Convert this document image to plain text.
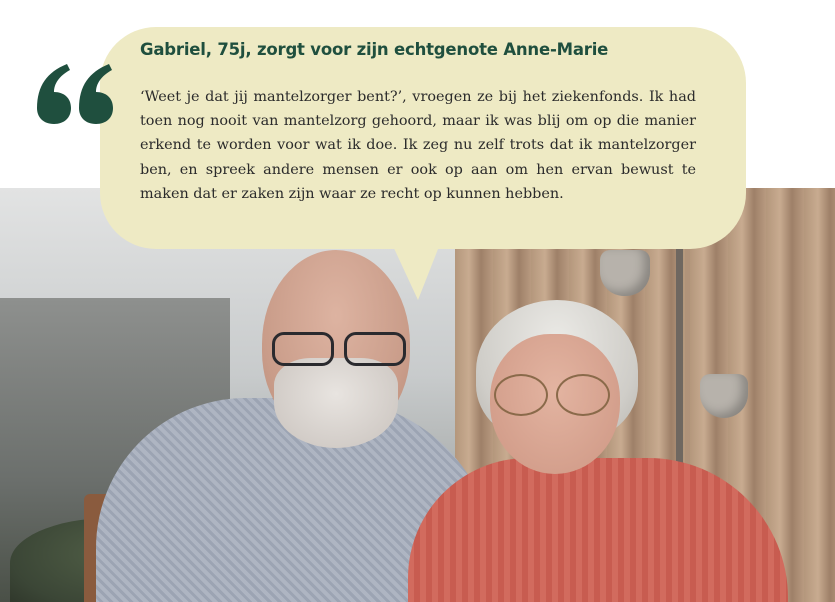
Gabriel, 75j, zorgt voor zijn echtgenote Anne-Marie

‘Weet je dat jij mantelzorger bent?’, vroegen ze bij het ziekenfonds. Ik had toen nog nooit van mantelzorg gehoord, maar ik was blij om op die manier erkend te worden voor wat ik doe. Ik zeg nu zelf trots dat ik mantelzorger ben, en spreek andere mensen er ook op aan om hen ervan bewust te maken dat er zaken zijn waar ze recht op kunnen hebben.
